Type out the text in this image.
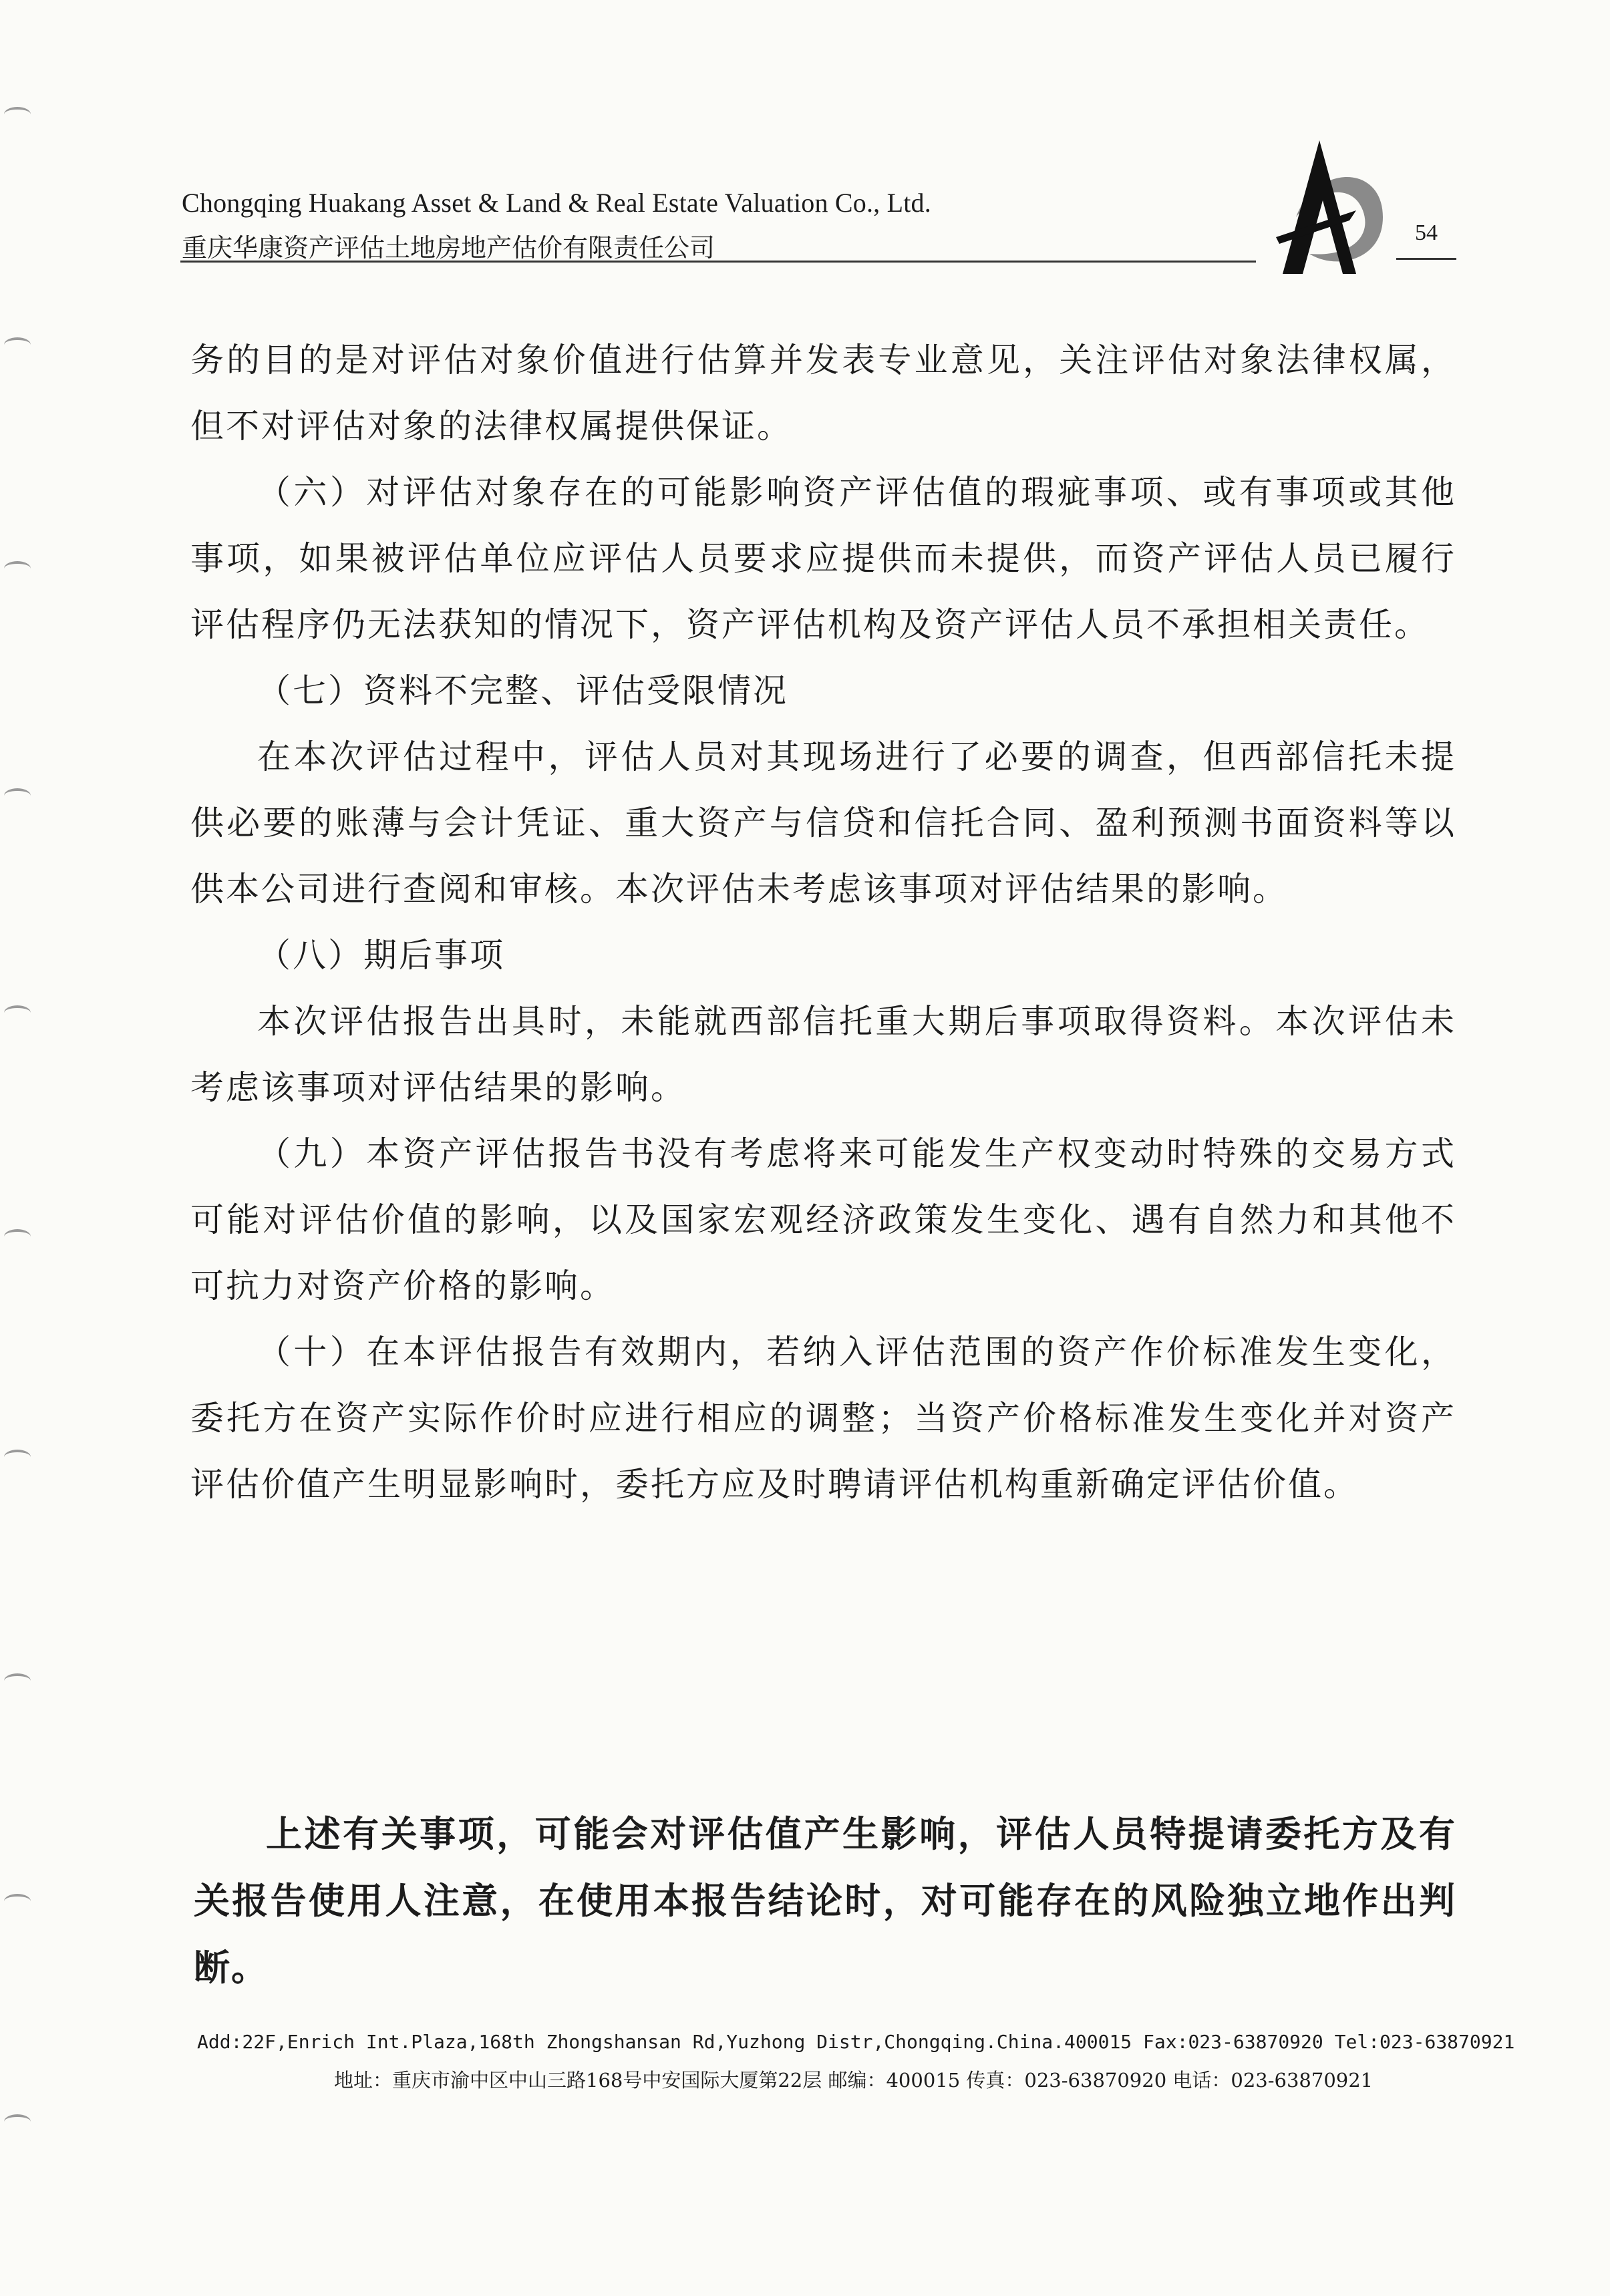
Chongqing Huakang Asset & Land & Real Estate Valuation Co., Ltd.
重庆华康资产评估土地房地产估价有限责任公司
54

务的目的是对评估对象价值进行估算并发表专业意见，关注评估对象法律权属，但不对评估对象的法律权属提供保证。

（六）对评估对象存在的可能影响资产评估值的瑕疵事项、或有事项或其他事项，如果被评估单位应评估人员要求应提供而未提供，而资产评估人员已履行评估程序仍无法获知的情况下，资产评估机构及资产评估人员不承担相关责任。

（七）资料不完整、评估受限情况

在本次评估过程中，评估人员对其现场进行了必要的调查，但西部信托未提供必要的账薄与会计凭证、重大资产与信贷和信托合同、盈利预测书面资料等以供本公司进行查阅和审核。本次评估未考虑该事项对评估结果的影响。

（八）期后事项

本次评估报告出具时，未能就西部信托重大期后事项取得资料。本次评估未考虑该事项对评估结果的影响。

（九）本资产评估报告书没有考虑将来可能发生产权变动时特殊的交易方式可能对评估价值的影响，以及国家宏观经济政策发生变化、遇有自然力和其他不可抗力对资产价格的影响。

（十）在本评估报告有效期内，若纳入评估范围的资产作价标准发生变化，委托方在资产实际作价时应进行相应的调整；当资产价格标准发生变化并对资产评估价值产生明显影响时，委托方应及时聘请评估机构重新确定评估价值。

上述有关事项，可能会对评估值产生影响，评估人员特提请委托方及有关报告使用人注意，在使用本报告结论时，对可能存在的风险独立地作出判断。
Add:22F,Enrich Int.Plaza,168th Zhongshansan Rd,Yuzhong Distr,Chongqing.China.400015 Fax:023-63870920 Tel:023-63870921
地址：重庆市渝中区中山三路168号中安国际大厦第22层 邮编：400015 传真：023-63870920 电话：023-63870921
